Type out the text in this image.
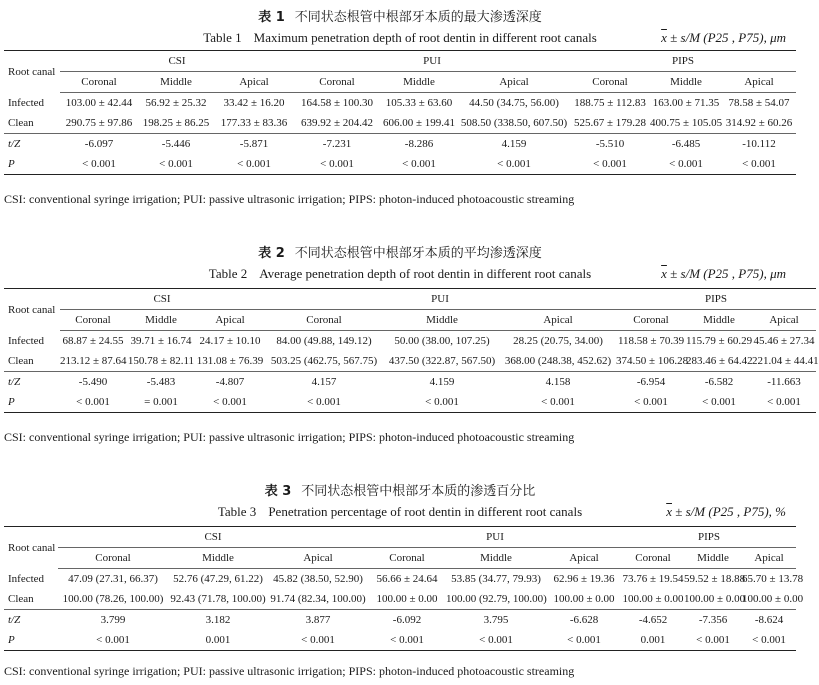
表 1 不同状态根管中根部牙本质的最大渗透深度
Table 1 Maximum penetration depth of root dentin in different root canals	$\overline{x} \pm s/M$ (P25 , P75), μm
Root canal	CSI			PUI			PIPS		
	Coronal	Middle	Apical	Coronal	Middle	Apical	Coronal	Middle	Apical
Infected	103.00 ± 42.44	56.92 ± 25.32	33.42 ± 16.20	164.58 ± 100.30	105.33 ± 63.60	44.50 (34.75, 56.00)	188.75 ± 112.83	163.00 ± 71.35	78.58 ± 54.07
Clean	290.75 ± 97.86	198.25 ± 86.25	177.33 ± 83.36	639.92 ± 204.42	606.00 ± 199.41	508.50 (338.50, 607.50)	525.67 ± 179.28	400.75 ± 105.05	314.92 ± 60.26
t/Z	-6.097	-5.446	-5.871	-7.231	-8.286	4.159	-5.510	-6.485	-10.112
P	< 0.001	< 0.001	< 0.001	< 0.001	< 0.001	< 0.001	< 0.001	< 0.001	< 0.001
CSI: conventional syringe irrigation; PUI: passive ultrasonic irrigation; PIPS: photon-induced photoacoustic streaming
表 2 不同状态根管中根部牙本质的平均渗透深度
Table 2 Average penetration depth of root dentin in different root canals	$\overline{x} \pm s/M$ (P25 , P75), μm
Root canal	CSI			PUI			PIPS		
	Coronal	Middle	Apical	Coronal	Middle	Apical	Coronal	Middle	Apical
Infected	68.87 ± 24.55	39.71 ± 16.74	24.17 ± 10.10	84.00 (49.88, 149.12)	50.00 (38.00, 107.25)	28.25 (20.75, 34.00)	118.58 ± 70.39	115.79 ± 60.29	45.46 ± 27.34
Clean	213.12 ± 87.64	150.78 ± 82.11	131.08 ± 76.39	503.25 (462.75, 567.75)	437.50 (322.87, 567.50)	368.00 (248.38, 452.62)	374.50 ± 106.28	283.46 ± 64.42	221.04 ± 44.41
t/Z	-5.490	-5.483	-4.807	4.157	4.159	4.158	-6.954	-6.582	-11.663
P	< 0.001	= 0.001	< 0.001	< 0.001	< 0.001	< 0.001	< 0.001	< 0.001	< 0.001
CSI: conventional syringe irrigation; PUI: passive ultrasonic irrigation; PIPS: photon-induced photoacoustic streaming
表 3 不同状态根管中根部牙本质的渗透百分比
Table 3 Penetration percentage of root dentin in different root canals	$\overline{x} \pm s/M$ (P25 , P75), %
Root canal	CSI			PUI			PIPS		
	Coronal	Middle	Apical	Coronal	Middle	Apical	Coronal	Middle	Apical
Infected	47.09 (27.31, 66.37)	52.76 (47.29, 61.22)	45.82 (38.50, 52.90)	56.66 ± 24.64	53.85 (34.77, 79.93)	62.96 ± 19.36	73.76 ± 19.54	59.52 ± 18.88	65.70 ± 13.78
Clean	100.00 (78.26, 100.00)	92.43 (71.78, 100.00)	91.74 (82.34, 100.00)	100.00 ± 0.00	100.00 (92.79, 100.00)	100.00 ± 0.00	100.00 ± 0.00	100.00 ± 0.00	100.00 ± 0.00
t/Z	3.799	3.182	3.877	-6.092	3.795	-6.628	-4.652	-7.356	-8.624
P	< 0.001	0.001	< 0.001	< 0.001	< 0.001	< 0.001	0.001	< 0.001	< 0.001
CSI: conventional syringe irrigation; PUI: passive ultrasonic irrigation; PIPS: photon-induced photoacoustic streaming
